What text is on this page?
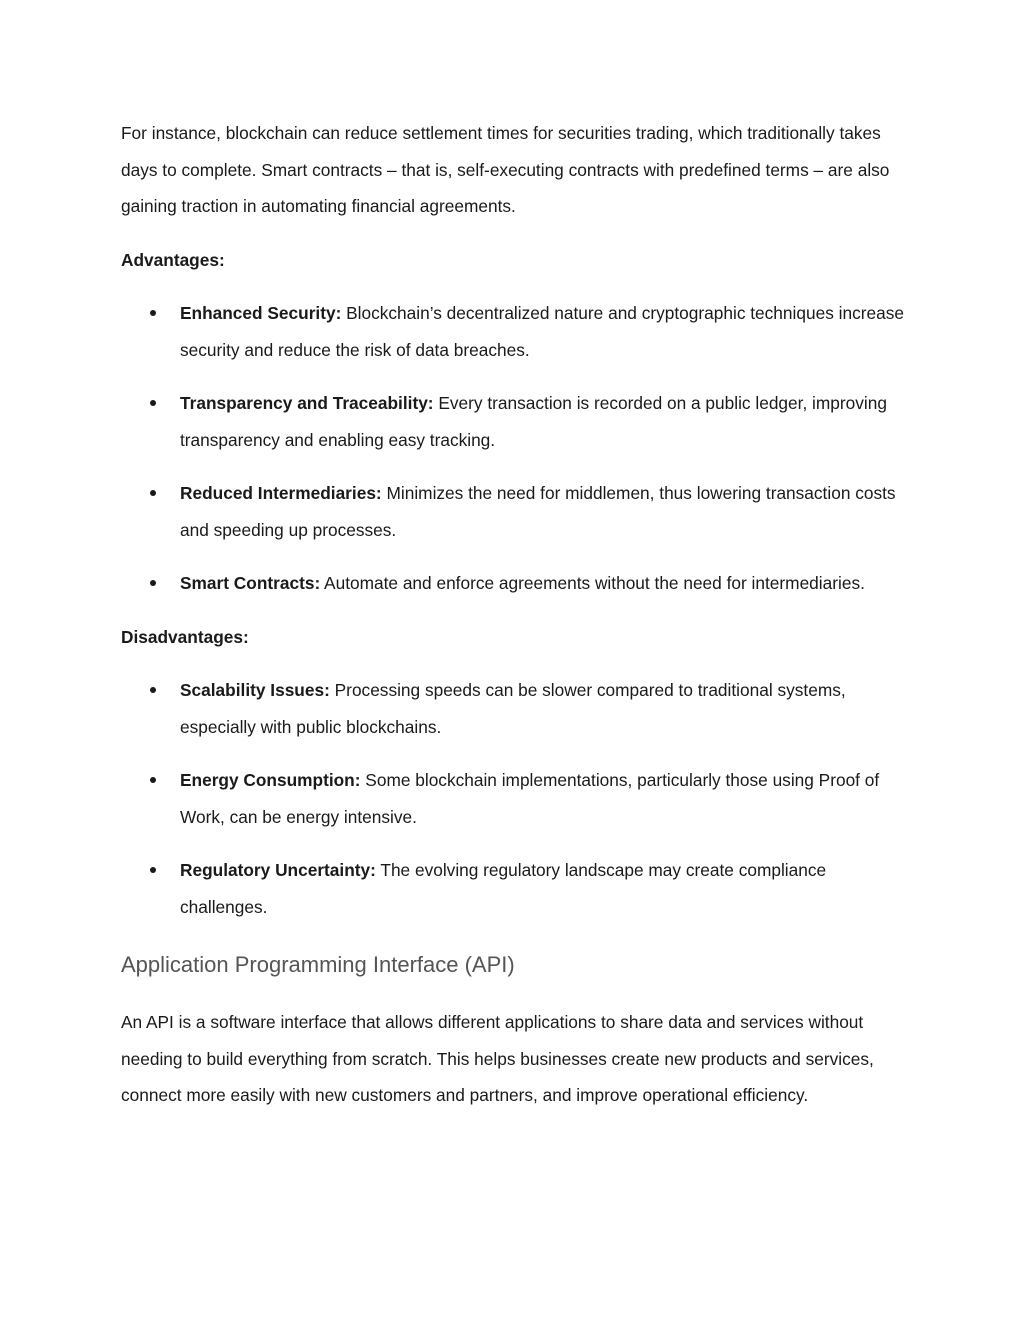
For instance, blockchain can reduce settlement times for securities trading, which traditionally takes days to complete. Smart contracts – that is, self-executing contracts with predefined terms – are also gaining traction in automating financial agreements.

Advantages:

Enhanced Security: Blockchain’s decentralized nature and cryptographic techniques increase security and reduce the risk of data breaches.
Transparency and Traceability: Every transaction is recorded on a public ledger, improving transparency and enabling easy tracking.
Reduced Intermediaries: Minimizes the need for middlemen, thus lowering transaction costs and speeding up processes.
Smart Contracts: Automate and enforce agreements without the need for intermediaries.

Disadvantages:

Scalability Issues: Processing speeds can be slower compared to traditional systems, especially with public blockchains.
Energy Consumption: Some blockchain implementations, particularly those using Proof of Work, can be energy intensive.
Regulatory Uncertainty: The evolving regulatory landscape may create compliance challenges.
Application Programming Interface (API)

An API is a software interface that allows different applications to share data and services without needing to build everything from scratch. This helps businesses create new products and services, connect more easily with new customers and partners, and improve operational efficiency.
